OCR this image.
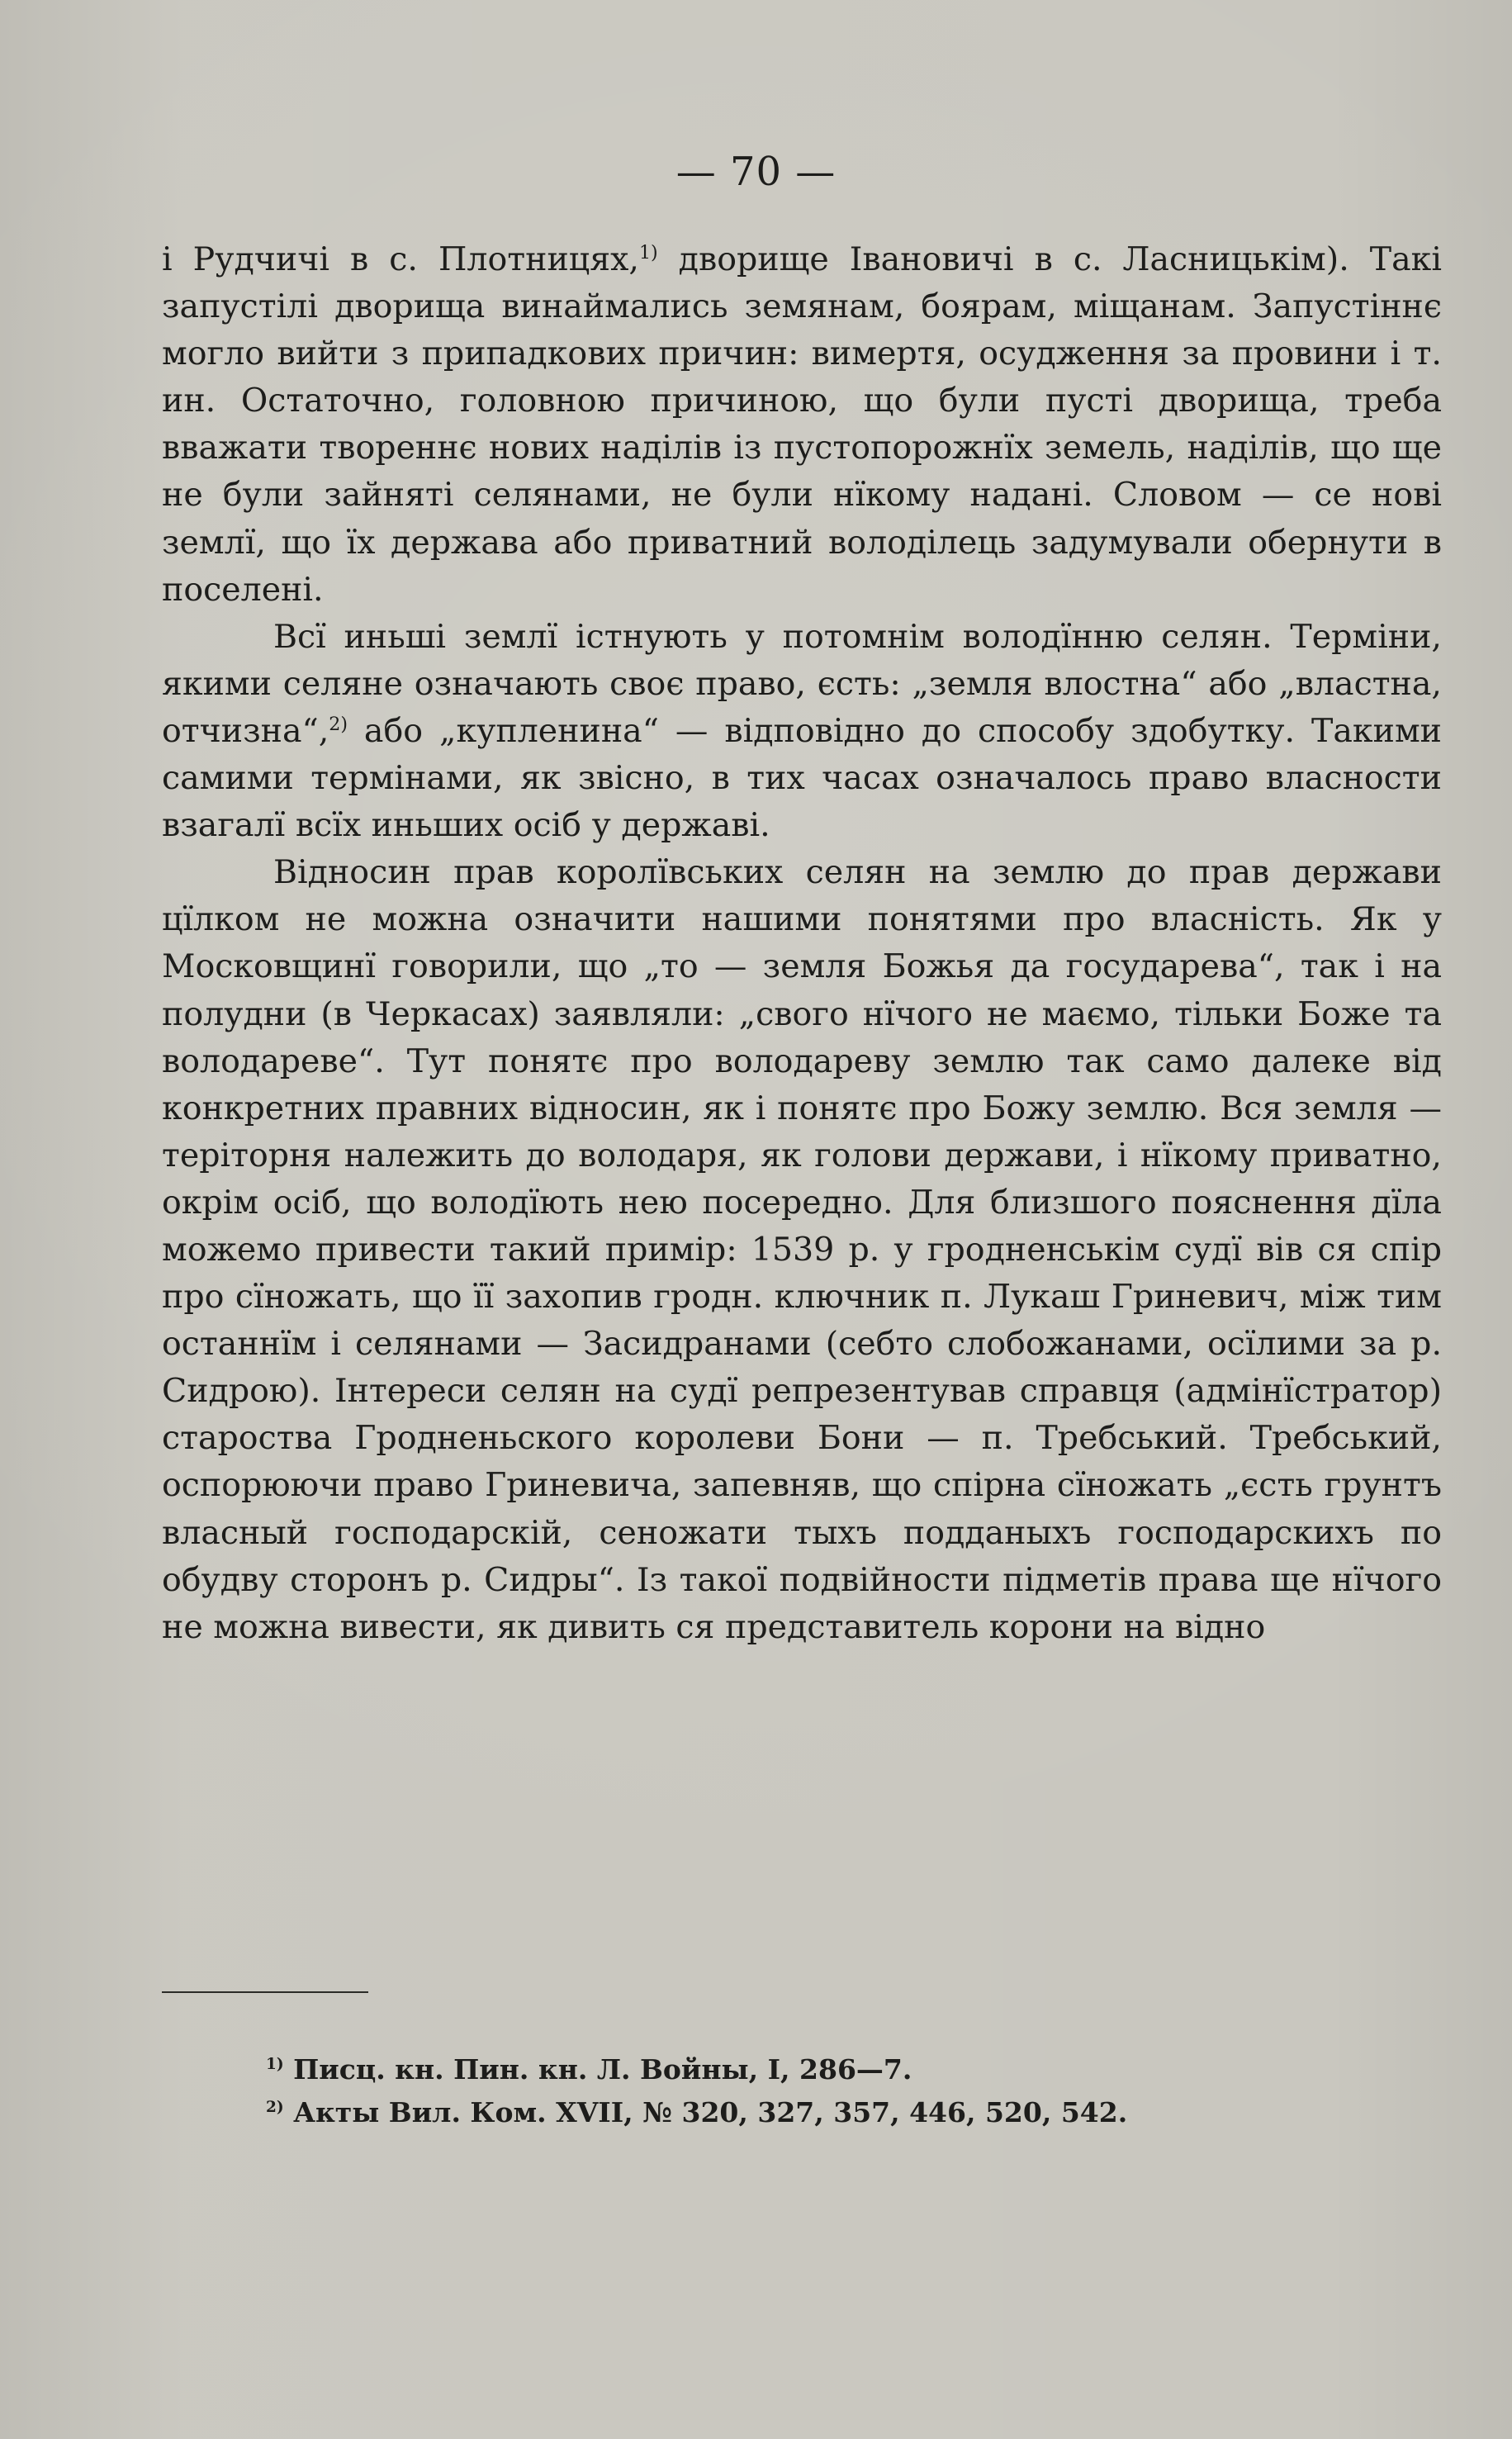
— 70 —

і Рудчичі в с. Плотницях,$^{1)}$ дворище Івановичі в с. Ласницькім). Такі запустілі дворища винаймались земянам, боярам, міщанам. Запустіннє могло вийти з припадкових причин: вимертя, осудження за провини і т. ин. Остаточно, головною причиною, що були пусті дворища, треба вважати твореннє нових наділів із пустопорожнїх земель, наділів, що ще не були зайняті селянами, не були нїкому надані. Словом — се нові землї, що їх держава або приватний володілець задумували обернути в поселені.

Всї иньші землї істнують у потомнім володїнню селян. Терміни, якими селяне означають своє право, єсть: „земля влостна“ або „властна, отчизна“,$^{2)}$ або „купленина“ — відповідно до способу здобутку. Такими самими термінами, як звісно, в тих часах означалось право власности взагалї всїх иньших осіб у державі.

Відносин прав королївських селян на землю до прав держави цїлком не можна означити нашими понятями про власність. Як у Московщинї говорили, що „то — земля Божья да государева“, так і на полудни (в Черкасах) заявляли: „свого нїчого не маємо, тільки Боже та володареве“. Тут понятє про володареву землю так само далеке від конкретних правних відносин, як і понятє про Божу землю. Вся земля — теріторня належить до володаря, як голови держави, і нїкому приватно, окрім осіб, що володїють нею посередно. Для близшого пояснення дїла можемо привести такий примір: 1539 р. у гродненськім судї вів ся спір про сїножать, що її захопив гродн. ключник п. Лукаш Гриневич, між тим останнїм і селянами — Засидранами (себто слобожанами, осїлими за р. Сидрою). Інтереси селян на судї репрезентував справця (адмінїстратор) староства Гродненьского королеви Бони — п. Требський. Требський, оспорюючи право Гриневича, запевняв, що спірна сїножать „єсть грунтъ власный господарскій, сеножати тыхъ подданыхъ господарскихъ по обудву сторонъ р. Сидры“. Із такої подвійности підметів права ще нїчого не можна вивести, як дивить ся представитель корони на відно

$^{1)}$ Писц. кн. Пин. кн. Л. Войны, I, 286—7.
$^{2)}$ Акты Вил. Ком. XVII, № 320, 327, 357, 446, 520, 542.
